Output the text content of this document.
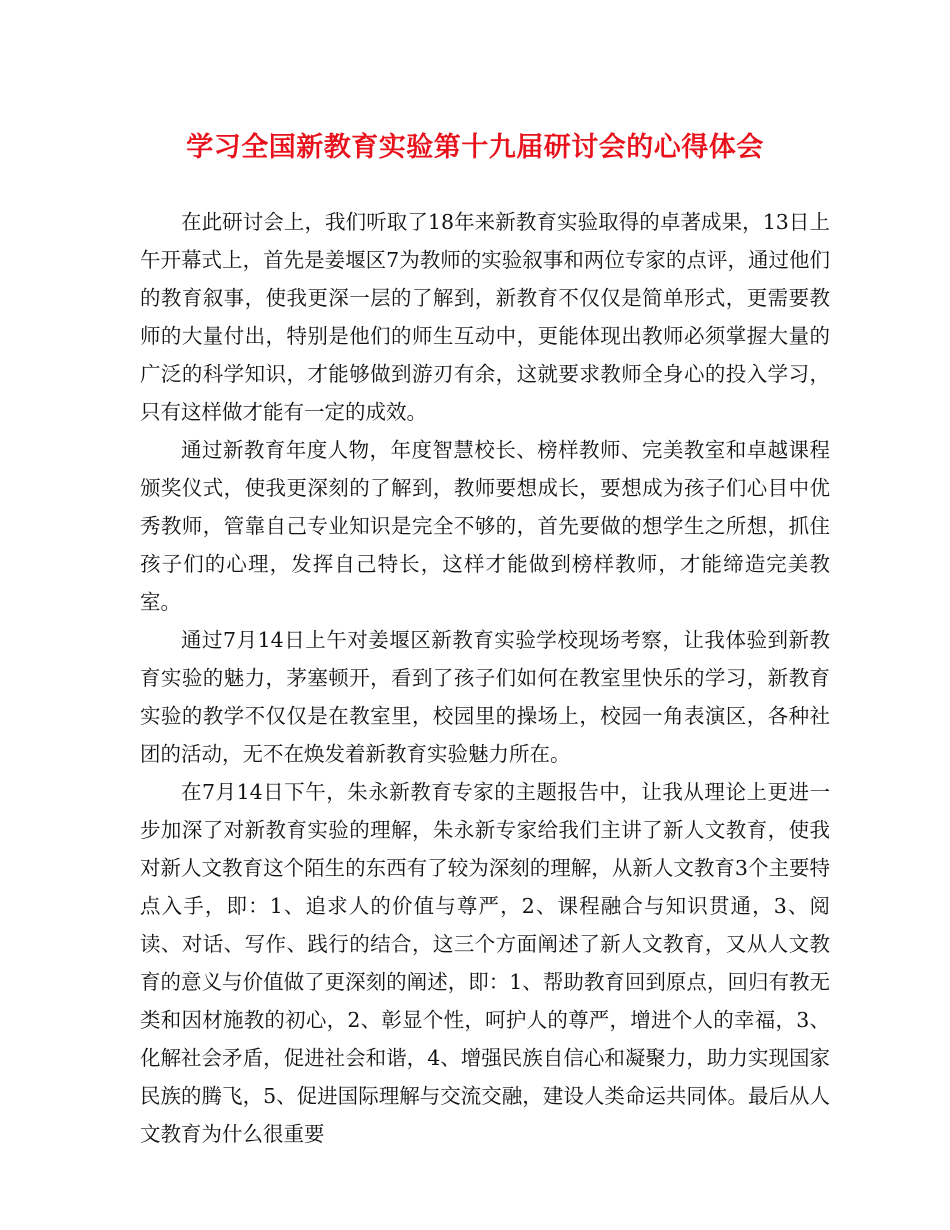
学习全国新教育实验第十九届研讨会的心得体会

在此研讨会上，我们听取了18年来新教育实验取得的卓著成果，13日上午开幕式上，首先是姜堰区7为教师的实验叙事和两位专家的点评，通过他们的教育叙事，使我更深一层的了解到，新教育不仅仅是简单形式，更需要教师的大量付出，特别是他们的师生互动中，更能体现出教师必须掌握大量的广泛的科学知识，才能够做到游刃有余，这就要求教师全身心的投入学习，只有这样做才能有一定的成效。

通过新教育年度人物，年度智慧校长、榜样教师、完美教室和卓越课程颁奖仪式，使我更深刻的了解到，教师要想成长，要想成为孩子们心目中优秀教师，管靠自己专业知识是完全不够的，首先要做的想学生之所想，抓住孩子们的心理，发挥自己特长，这样才能做到榜样教师，才能缔造完美教室。

通过7月14日上午对姜堰区新教育实验学校现场考察，让我体验到新教育实验的魅力，茅塞顿开，看到了孩子们如何在教室里快乐的学习，新教育实验的教学不仅仅是在教室里，校园里的操场上，校园一角表演区，各种社团的活动，无不在焕发着新教育实验魅力所在。

在7月14日下午，朱永新教育专家的主题报告中，让我从理论上更进一步加深了对新教育实验的理解，朱永新专家给我们主讲了新人文教育，使我对新人文教育这个陌生的东西有了较为深刻的理解，从新人文教育3个主要特点入手，即：1、追求人的价值与尊严，2、课程融合与知识贯通，3、阅读、对话、写作、践行的结合，这三个方面阐述了新人文教育，又从人文教育的意义与价值做了更深刻的阐述，即：1、帮助教育回到原点，回归有教无类和因材施教的初心，2、彰显个性，呵护人的尊严，增进个人的幸福，3、化解社会矛盾，促进社会和谐，4、增强民族自信心和凝聚力，助力实现国家民族的腾飞，5、促进国际理解与交流交融，建设人类命运共同体。最后从人文教育为什么很重要
